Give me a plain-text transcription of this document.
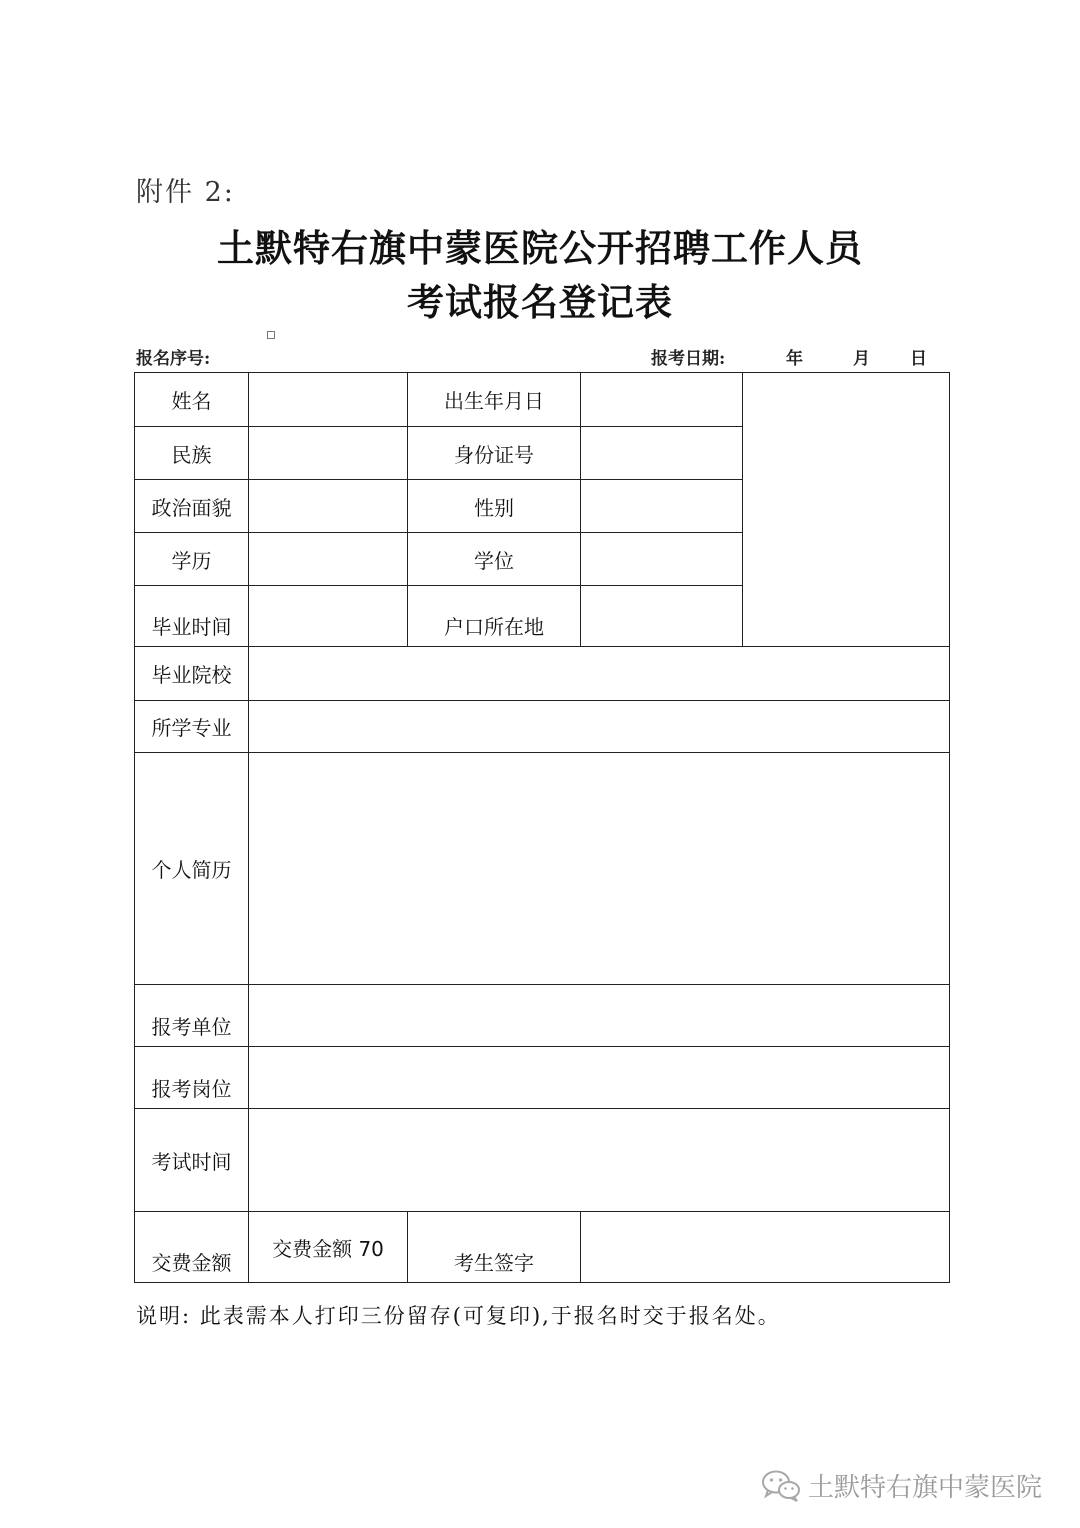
附件 2:
土默特右旗中蒙医院公开招聘工作人员
考试报名登记表
报名序号:	报考日期:	年	月 日
姓名		出生年月日		
民族		身份证号		
政治面貌		性别		
学历		学位		
毕业时间		户口所在地		
毕业院校				
所学专业				
个人简历				
报考单位				
报考岗位				
考试时间				
交费金额	交费金额 70	考生签字		
说明: 此表需本人打印三份留存(可复印),于报名时交于报名处。
土默特右旗中蒙医院
